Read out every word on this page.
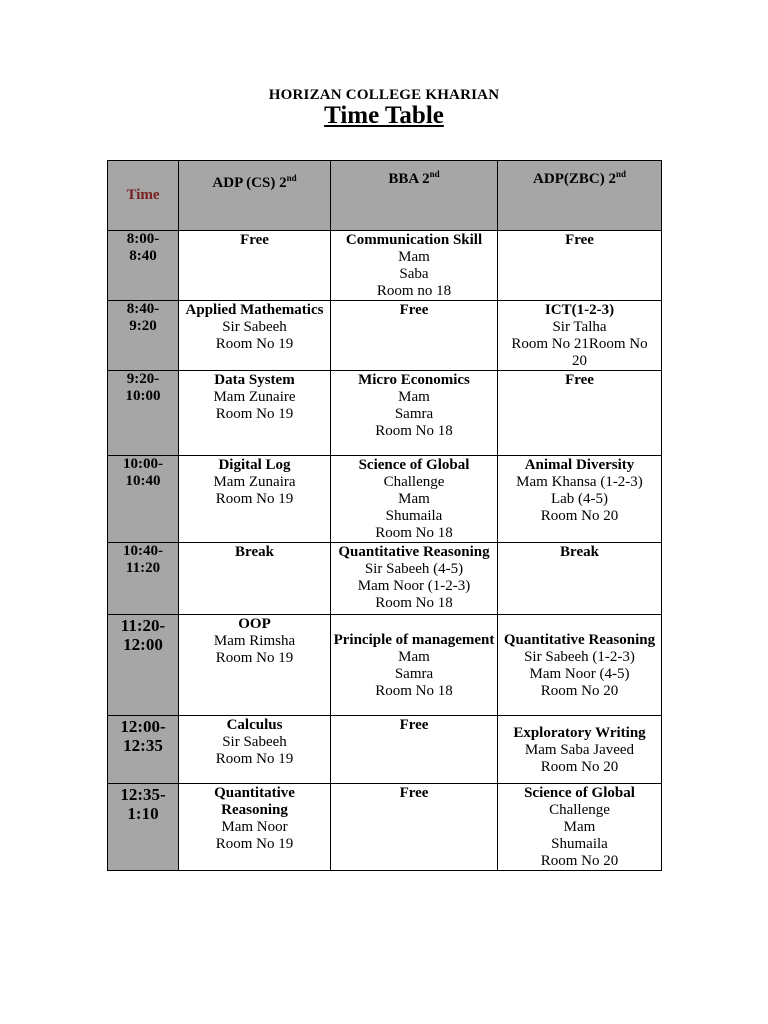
HORIZAN COLLEGE KHARIAN
Time Table
Time	ADP (CS) 2nd	BBA 2nd	ADP(ZBC) 2nd

8:00-
8:40	Free	Communication Skill
Mam
Saba
Room no 18	Free

8:40-
9:20	Applied Mathematics
Sir Sabeeh
Room No 19	Free	ICT(1-2-3)
Sir Talha
Room No 21Room No
20

9:20-
10:00	Data System
Mam Zunaire
Room No 19	Micro Economics
Mam
Samra
Room No 18	Free

10:00-
10:40	Digital Log
Mam Zunaira
Room No 19	Science of Global
Challenge
Mam
Shumaila
Room No 18	Animal Diversity
Mam Khansa (1-2-3)
Lab (4-5)
Room No 20

10:40-
11:20	Break	Quantitative Reasoning
Sir Sabeeh (4-5)
Mam Noor (1-2-3)
Room No 18	Break

11:20-
12:00	OOP
Mam Rimsha
Room No 19	Principle of management
Mam
Samra
Room No 18	Quantitative Reasoning
Sir Sabeeh (1-2-3)
Mam Noor (4-5)
Room No 20

12:00-
12:35	Calculus
Sir Sabeeh
Room No 19	Free	Exploratory Writing
Mam Saba Javeed
Room No 20

12:35-
1:10	Quantitative Reasoning
Mam Noor
Room No 19	Free	Science of Global
Challenge
Mam
Shumaila
Room No 20
